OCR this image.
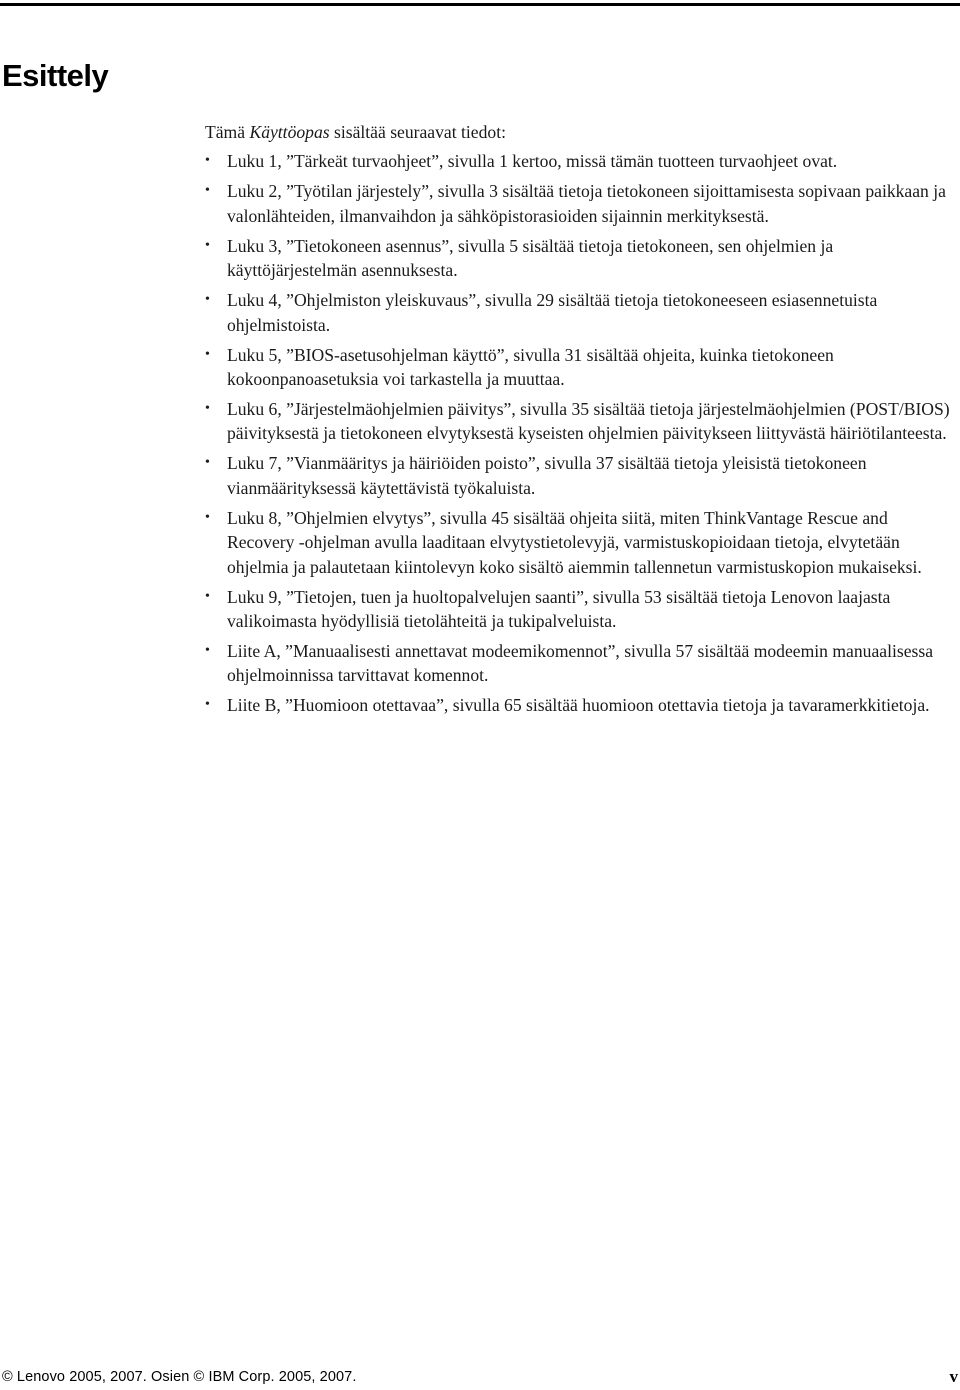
Esittely

Tämä Käyttöopas sisältää seuraavat tiedot:

• Luku 1, ”Tärkeät turvaohjeet”, sivulla 1 kertoo, missä tämän tuotteen turvaohjeet ovat.
• Luku 2, ”Työtilan järjestely”, sivulla 3 sisältää tietoja tietokoneen sijoittamisesta sopivaan paikkaan ja valonlähteiden, ilmanvaihdon ja sähköpistorasioiden sijainnin merkityksestä.
• Luku 3, ”Tietokoneen asennus”, sivulla 5 sisältää tietoja tietokoneen, sen ohjelmien ja käyttöjärjestelmän asennuksesta.
• Luku 4, ”Ohjelmiston yleiskuvaus”, sivulla 29 sisältää tietoja tietokoneeseen esiasennetuista ohjelmistoista.
• Luku 5, ”BIOS-asetusohjelman käyttö”, sivulla 31 sisältää ohjeita, kuinka tietokoneen kokoonpanoasetuksia voi tarkastella ja muuttaa.
• Luku 6, ”Järjestelmäohjelmien päivitys”, sivulla 35 sisältää tietoja järjestelmäohjelmien (POST/BIOS) päivityksestä ja tietokoneen elvytyksestä kyseisten ohjelmien päivitykseen liittyvästä häiriötilanteesta.
• Luku 7, ”Vianmääritys ja häiriöiden poisto”, sivulla 37 sisältää tietoja yleisistä tietokoneen vianmäärityksessä käytettävistä työkaluista.
• Luku 8, ”Ohjelmien elvytys”, sivulla 45 sisältää ohjeita siitä, miten ThinkVantage Rescue and Recovery -ohjelman avulla laaditaan elvytystietolevyjä, varmistuskopioidaan tietoja, elvytetään ohjelmia ja palautetaan kiintolevyn koko sisältö aiemmin tallennetun varmistuskopion mukaiseksi.
• Luku 9, ”Tietojen, tuen ja huoltopalvelujen saanti”, sivulla 53 sisältää tietoja Lenovon laajasta valikoimasta hyödyllisiä tietolähteitä ja tukipalveluista.
• Liite A, ”Manuaalisesti annettavat modeemikomennot”, sivulla 57 sisältää modeemin manuaalisessa ohjelmoinnissa tarvittavat komennot.
• Liite B, ”Huomioon otettavaa”, sivulla 65 sisältää huomioon otettavia tietoja ja tavaramerkkitietoja.
© Lenovo 2005, 2007. Osien © IBM Corp. 2005, 2007.	v
